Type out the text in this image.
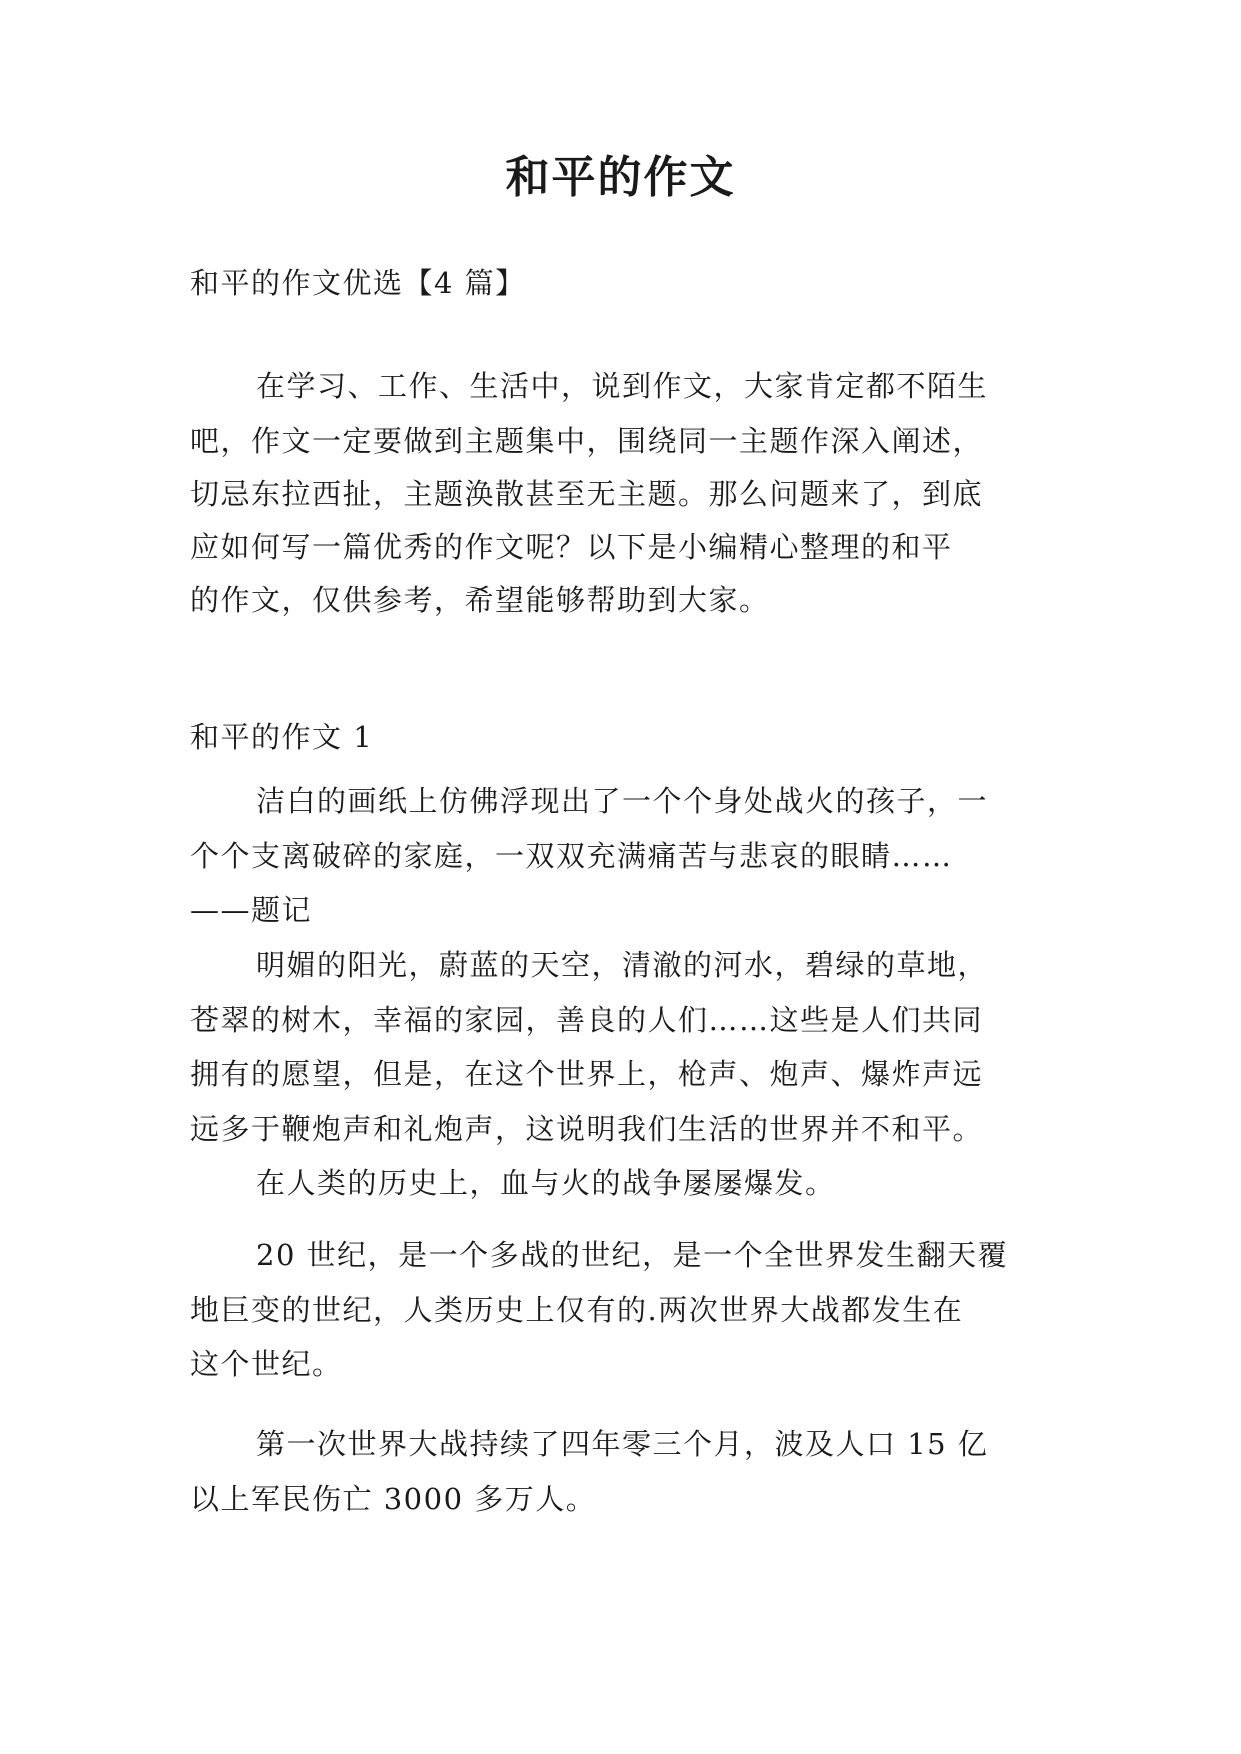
和平的作文
和平的作文优选【4 篇】
在学习、工作、生活中，说到作文，大家肯定都不陌生
吧，作文一定要做到主题集中，围绕同一主题作深入阐述，
切忌东拉西扯，主题涣散甚至无主题。那么问题来了，到底
应如何写一篇优秀的作文呢？以下是小编精心整理的和平
的作文，仅供参考，希望能够帮助到大家。
和平的作文 1
洁白的画纸上仿佛浮现出了一个个身处战火的孩子，一
个个支离破碎的家庭，一双双充满痛苦与悲哀的眼睛……
——题记
明媚的阳光，蔚蓝的天空，清澈的河水，碧绿的草地，
苍翠的树木，幸福的家园，善良的人们……这些是人们共同
拥有的愿望，但是，在这个世界上，枪声、炮声、爆炸声远
远多于鞭炮声和礼炮声，这说明我们生活的世界并不和平。
在人类的历史上，血与火的战争屡屡爆发。
20 世纪，是一个多战的世纪，是一个全世界发生翻天覆
地巨变的世纪，人类历史上仅有的.两次世界大战都发生在
这个世纪。
第一次世界大战持续了四年零三个月，波及人口 15 亿
以上军民伤亡 3000 多万人。
